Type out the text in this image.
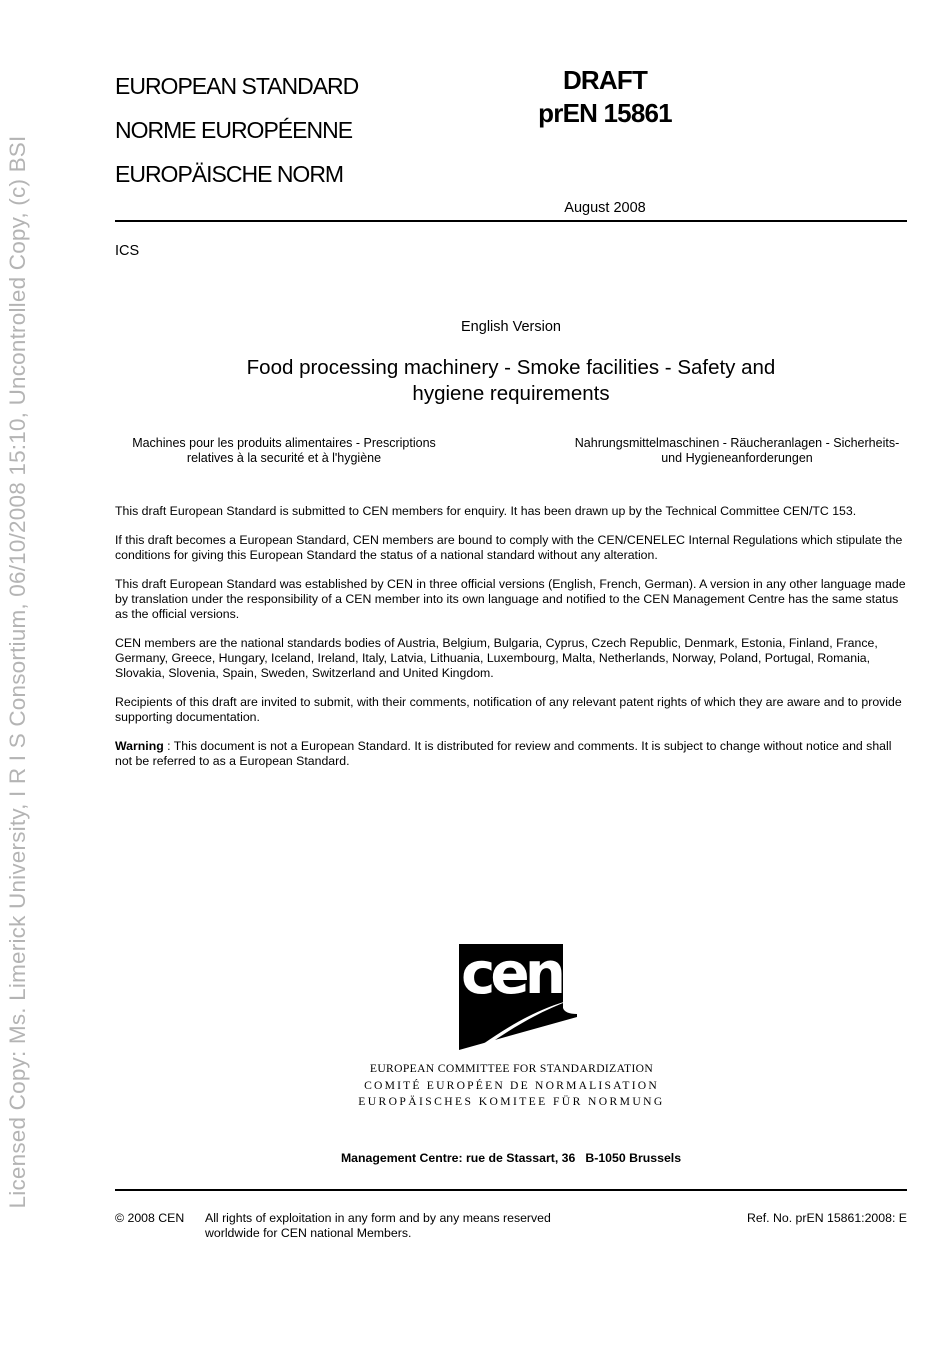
Licensed Copy: Ms. Limerick University, I R I S Consortium, 06/10/2008 15:10, Uncontrolled Copy, (c) BSI
EUROPEAN STANDARD
NORME EUROPÉENNE
EUROPÄISCHE NORM
DRAFT
prEN 15861
August 2008
ICS
English Version
Food processing machinery - Smoke facilities - Safety and
hygiene requirements
Machines pour les produits alimentaires - Prescriptions
relatives à la securité et à l'hygiène
Nahrungsmittelmaschinen - Räucheranlagen - Sicherheits-
und Hygieneanforderungen

This draft European Standard is submitted to CEN members for enquiry. It has been drawn up by the Technical Committee CEN/TC 153.

If this draft becomes a European Standard, CEN members are bound to comply with the CEN/CENELEC Internal Regulations which stipulate the conditions for giving this European Standard the status of a national standard without any alteration.

This draft European Standard was established by CEN in three official versions (English, French, German). A version in any other language made by translation under the responsibility of a CEN member into its own language and notified to the CEN Management Centre has the same status as the official versions.

CEN members are the national standards bodies of Austria, Belgium, Bulgaria, Cyprus, Czech Republic, Denmark, Estonia, Finland, France, Germany, Greece, Hungary, Iceland, Ireland, Italy, Latvia, Lithuania, Luxembourg, Malta, Netherlands, Norway, Poland, Portugal, Romania, Slovakia, Slovenia, Spain, Sweden, Switzerland and United Kingdom.

Recipients of this draft are invited to submit, with their comments, notification of any relevant patent rights of which they are aware and to provide supporting documentation.

Warning : This document is not a European Standard. It is distributed for review and comments. It is subject to change without notice and shall not be referred to as a European Standard.

cen
EUROPEAN COMMITTEE FOR STANDARDIZATION
COMITÉ EUROPÉEN DE NORMALISATION
EUROPÄISCHES KOMITEE FÜR NORMUNG
Management Centre: rue de Stassart, 36 B-1050 Brussels
© 2008 CEN All rights of exploitation in any form and by any means reserved
worldwide for CEN national Members.
Ref. No. prEN 15861:2008: E
